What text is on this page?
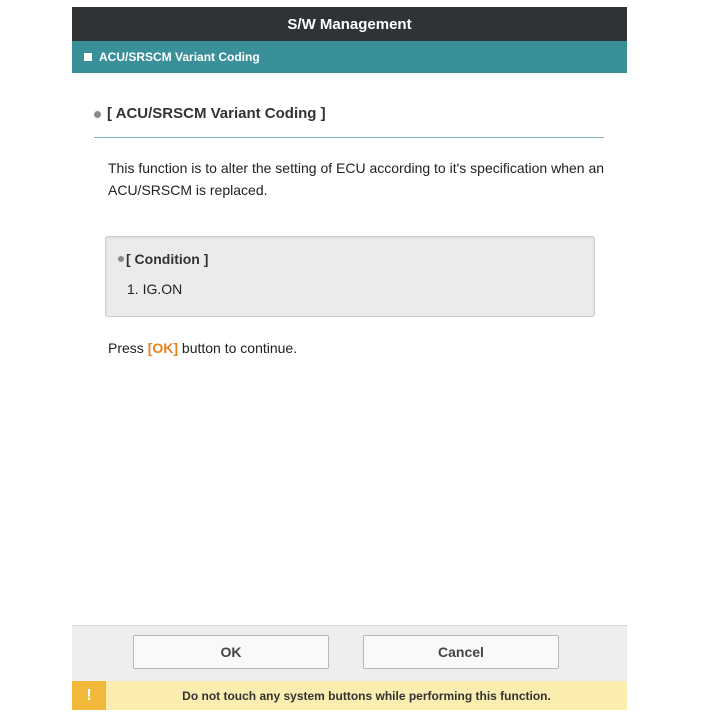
S/W Management
ACU/SRSCM Variant Coding
[ ACU/SRSCM Variant Coding ]
This function is to alter the setting of ECU according to it's specification when an ACU/SRSCM is replaced.
[ Condition ]
1. IG.ON
Press [OK] button to continue.
OK	Cancel
!	Do not touch any system buttons while performing this function.
